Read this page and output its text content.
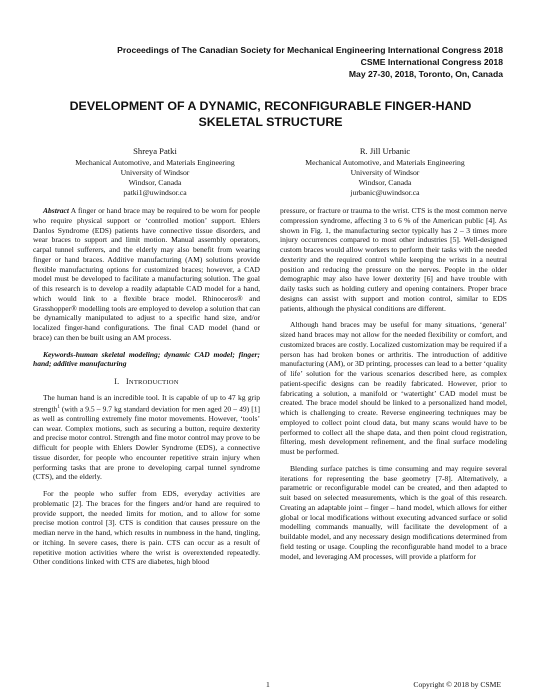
Proceedings of The Canadian Society for Mechanical Engineering International Congress 2018
CSME International Congress 2018
May 27-30, 2018, Toronto, On, Canada
DEVELOPMENT OF A DYNAMIC, RECONFIGURABLE FINGER-HAND
SKELETAL STRUCTURE
Shreya Patki
Mechanical Automotive, and Materials Engineering
University of Windsor
Windsor, Canada
patki1@uwindsor.ca
R. Jill Urbanic
Mechanical Automotive, and Materials Engineering
University of Windsor
Windsor, Canada
jurbanic@uwindsor.ca

Abstract A finger or hand brace may be required to be worn for people who require physical support or ‘controlled motion’ support. Ehlers Danlos Syndrome (EDS) patients have connective tissue disorders, and wear braces to support and limit motion. Manual assembly operators, carpal tunnel sufferers, and the elderly may also benefit from wearing finger or hand braces. Additive manufacturing (AM) solutions provide flexible manufacturing options for customized braces; however, a CAD model must be developed to facilitate a manufacturing solution. The goal of this research is to develop a readily adaptable CAD model for a hand, which would link to a flexible brace model. Rhinoceros® and Grasshopper® modelling tools are employed to develop a solution that can be dynamically manipulated to adjust to a specific hand size, and/or localized finger-hand configurations. The final CAD model (hand or brace) can then be built using an AM process.

Keywords-human skeletal modeling; dynamic CAD model; finger; hand; additive manufacturing

I. INTRODUCTION

The human hand is an incredible tool. It is capable of up to 47 kg grip strength$^1$ (with a 9.5 – 9.7 kg standard deviation for men aged 20 – 49) [1] as well as controlling extremely fine motor movements. However, ‘tools’ can wear. Complex motions, such as securing a button, require dexterity and precise motor control. Strength and fine motor control may prove to be difficult for people with Ehlers Dowler Syndrome (EDS), a connective tissue disorder, for people who encounter repetitive strain injury when performing tasks that are prone to developing carpal tunnel syndrome (CTS), and the elderly.

For the people who suffer from EDS, everyday activities are problematic [2]. The braces for the fingers and/or hand are required to provide support, the needed limits for motion, and to allow for some precise motion control [3]. CTS is condition that causes pressure on the median nerve in the hand, which results in numbness in the hand, tingling, or itching. In severe cases, there is pain. CTS can occur as a result of repetitive motion activities where the wrist is overextended repeatedly. Other conditions linked with CTS are diabetes, high blood

pressure, or fracture or trauma to the wrist. CTS is the most common nerve compression syndrome, affecting 3 to 6 % of the American public [4]. As shown in Fig. 1, the manufacturing sector typically has 2 – 3 times more injury occurrences compared to most other industries [5]. Well-designed custom braces would allow workers to perform their tasks with the needed dexterity and the required control while keeping the wrists in a neutral position and reducing the pressure on the nerves. People in the older demographic may also have lower dexterity [6] and have trouble with daily tasks such as holding cutlery and opening containers. Proper brace designs can assist with support and motion control, similar to EDS patients, although the physical conditions are different.

Although hand braces may be useful for many situations, ‘general’ sized hand braces may not allow for the needed flexibility or comfort, and customized braces are costly. Localized customization may be required if a person has had broken bones or arthritis. The introduction of additive manufacturing (AM), or 3D printing, processes can lead to a better ‘quality of life’ solution for the various scenarios described here, as complex patient-specific designs can be readily fabricated. However, prior to fabricating a solution, a manifold or ‘watertight’ CAD model must be created. The brace model should be linked to a personalized hand model, which is challenging to create. Reverse engineering techniques may be employed to collect point cloud data, but many scans would have to be performed to collect all the shape data, and then point cloud registration, filtering, mesh development refinement, and the final surface modeling must be performed.

Blending surface patches is time consuming and may require several iterations for representing the base geometry [7-8]. Alternatively, a parametric or reconfigurable model can be created, and then adapted to suit based on selected measurements, which is the goal of this research. Creating an adaptable joint – finger – hand model, which allows for either global or local modifications without executing advanced surface or solid modelling commands manually, will facilitate the development of a buildable model, and any necessary design modifications determined from field testing or usage. Coupling the reconfigurable hand model to a brace model, and leveraging AM processes, will provide a platform for

1	Copyright © 2018 by CSME
